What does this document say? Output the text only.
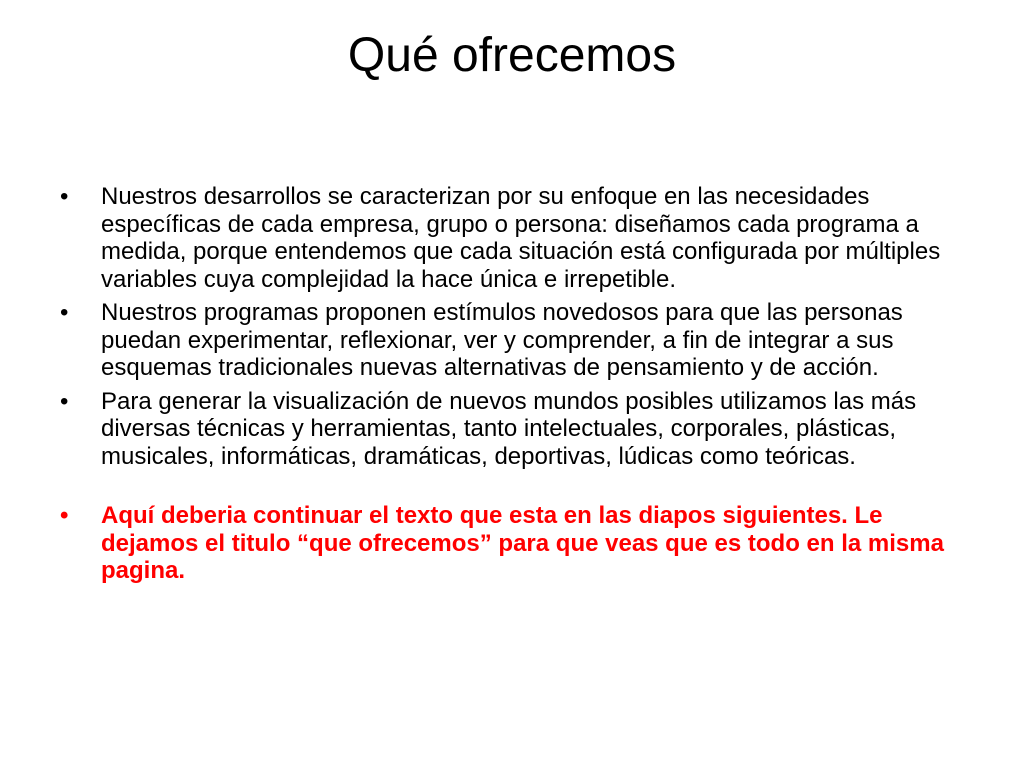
Qué ofrecemos
•	Nuestros desarrollos se caracterizan por su enfoque en las necesidades específicas de cada empresa, grupo o persona: diseñamos cada programa a medida, porque entendemos que cada situación está configurada por múltiples variables cuya complejidad la hace única e irrepetible.
•	Nuestros programas proponen estímulos novedosos para que las personas puedan experimentar, reflexionar, ver y comprender, a fin de integrar a sus esquemas tradicionales nuevas alternativas de pensamiento y de acción.
•	Para generar la visualización de nuevos mundos posibles utilizamos las más diversas técnicas y herramientas, tanto intelectuales, corporales, plásticas, musicales, informáticas, dramáticas, deportivas, lúdicas como teóricas.
•	Aquí deberia continuar el texto que esta en las diapos siguientes. Le dejamos el titulo “que ofrecemos” para que veas que es todo en la misma pagina.
